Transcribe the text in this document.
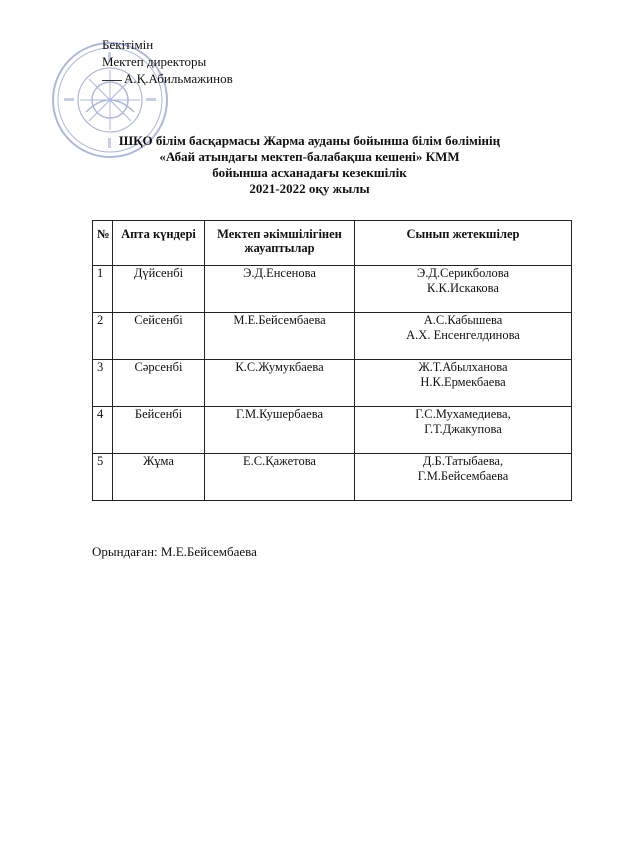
Бекітімін
Мектеп директоры
А.Қ.Абильмажинов
ШҚО білім басқармасы Жарма ауданы бойынша білім бөлімінің
«Абай атындағы мектеп-балабақша кешені» КММ
бойынша асханадағы кезекшілік
2021-2022 оқу жылы
№	Апта күндері	Мектеп әкімшілігінен жауаптылар	Сынып жетекшілер
1	Дүйсенбі	Э.Д.Енсенова	Э.Д.Серикболова
К.К.Искакова

2	Сейсенбі	М.Е.Бейсембаева	А.С.Кабышева
А.Х. Енсенгелдинова

3	Сәрсенбі	К.С.Жумукбаева	Ж.Т.Абылханова
Н.К.Ермекбаева

4	Бейсенбі	Г.М.Кушербаева	Г.С.Мухамедиева,
Г.Т.Джакупова

5	Жұма	Е.С.Қажетова	Д.Б.Татыбаева,
Г.М.Бейсембаева
Орындаған: М.Е.Бейсембаева
